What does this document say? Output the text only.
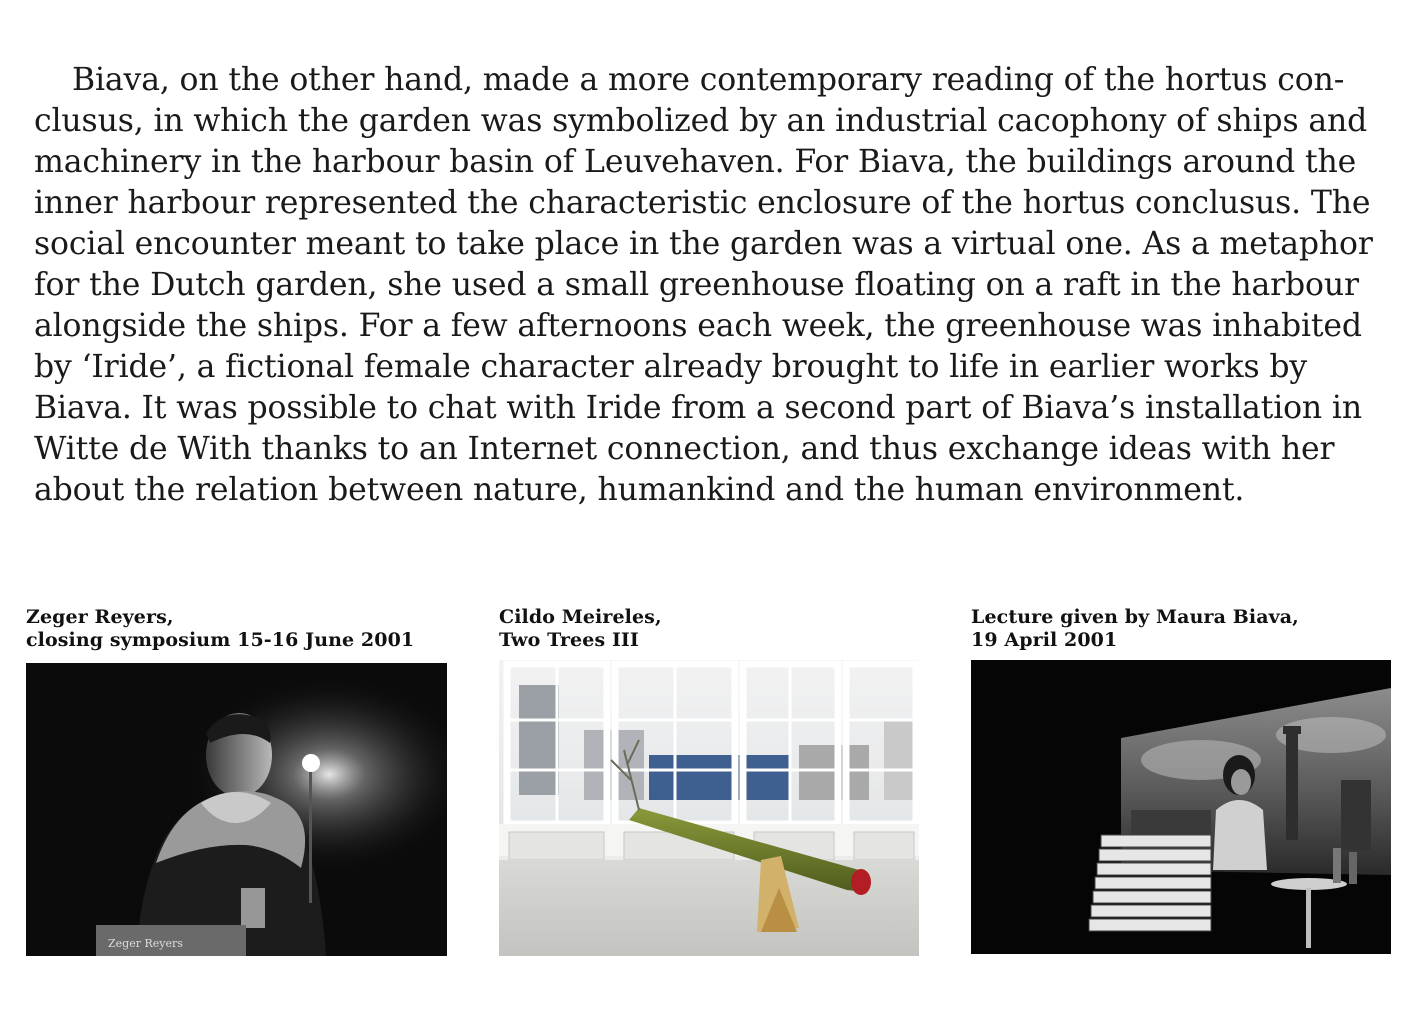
Biava, on the other hand, made a more contemporary reading of the hortus con-
clusus, in which the garden was symbolized by an industrial cacophony of ships and
machinery in the harbour basin of Leuvehaven. For Biava, the buildings around the
inner harbour represented the characteristic enclosure of the hortus conclusus. The
social encounter meant to take place in the garden was a virtual one. As a metaphor
for the Dutch garden, she used a small greenhouse floating on a raft in the harbour
alongside the ships. For a few afternoons each week, the greenhouse was inhabited
by ‘Iride’, a fictional female character already brought to life in earlier works by
Biava. It was possible to chat with Iride from a second part of Biava’s installation in
Witte de With thanks to an Internet connection, and thus exchange ideas with her
about the relation between nature, humankind and the human environment.
Zeger Reyers,
closing symposium 15-16 June 2001
Zeger Reyers
Cildo Meireles,
Two Trees III
Lecture given by Maura Biava,
19 April 2001
